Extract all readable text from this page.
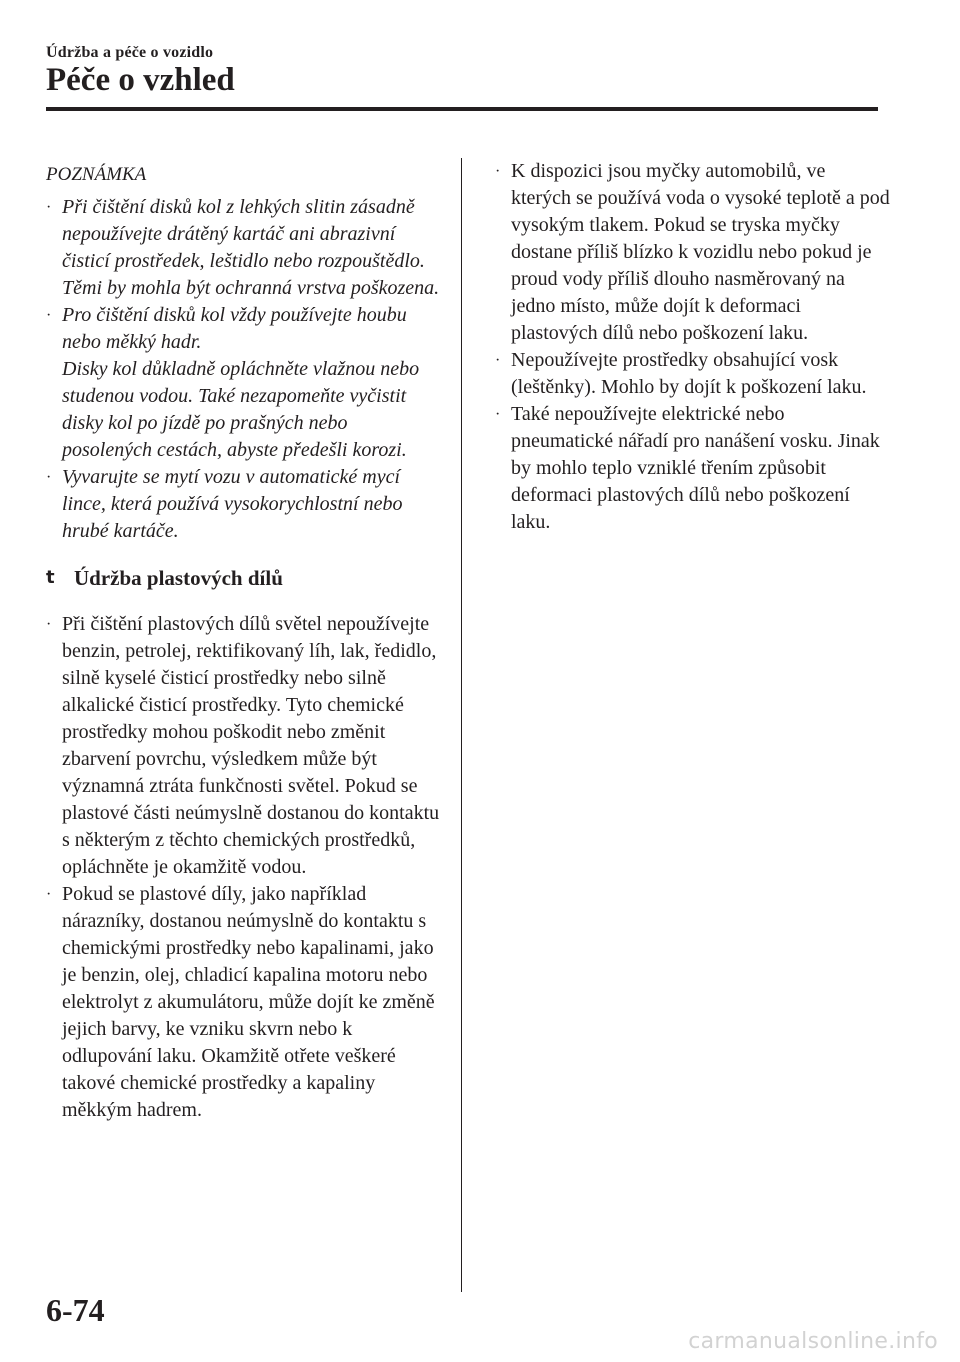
Údržba a péče o vozidlo
Péče o vzhled
POZNÁMKA
· Při čištění disků kol z lehkých slitin zásadně nepoužívejte drátěný kartáč ani abrazivní čisticí prostředek, leštidlo nebo rozpouštědlo. Těmi by mohla být ochranná vrstva poškozena.
· Pro čištění disků kol vždy používejte houbu nebo měkký hadr.
Disky kol důkladně opláchněte vlažnou nebo studenou vodou. Také nezapomeňte vyčistit disky kol po jízdě po prašných nebo posolených cestách, abyste předešli korozi.
· Vyvarujte se mytí vozu v automatické mycí lince, která používá vysokorychlostní nebo hrubé kartáče.
t Údržba plastových dílů
· Při čištění plastových dílů světel nepoužívejte benzin, petrolej, rektifikovaný líh, lak, ředidlo, silně kyselé čisticí prostředky nebo silně alkalické čisticí prostředky. Tyto chemické prostředky mohou poškodit nebo změnit zbarvení povrchu, výsledkem může být významná ztráta funkčnosti světel. Pokud se plastové části neúmyslně dostanou do kontaktu s některým z těchto chemických prostředků, opláchněte je okamžitě vodou.
· Pokud se plastové díly, jako například nárazníky, dostanou neúmyslně do kontaktu s chemickými prostředky nebo kapalinami, jako je benzin, olej, chladicí kapalina motoru nebo elektrolyt z akumulátoru, může dojít ke změně jejich barvy, ke vzniku skvrn nebo k odlupování laku. Okamžitě otřete veškeré takové chemické prostředky a kapaliny měkkým hadrem.
· K dispozici jsou myčky automobilů, ve kterých se používá voda o vysoké teplotě a pod vysokým tlakem. Pokud se tryska myčky dostane příliš blízko k vozidlu nebo pokud je proud vody příliš dlouho nasměrovaný na jedno místo, může dojít k deformaci plastových dílů nebo poškození laku.
· Nepoužívejte prostředky obsahující vosk (leštěnky). Mohlo by dojít k poškození laku.
· Také nepoužívejte elektrické nebo pneumatické nářadí pro nanášení vosku. Jinak by mohlo teplo vzniklé třením způsobit deformaci plastových dílů nebo poškození laku.
6-74
carmanualsonline.info
